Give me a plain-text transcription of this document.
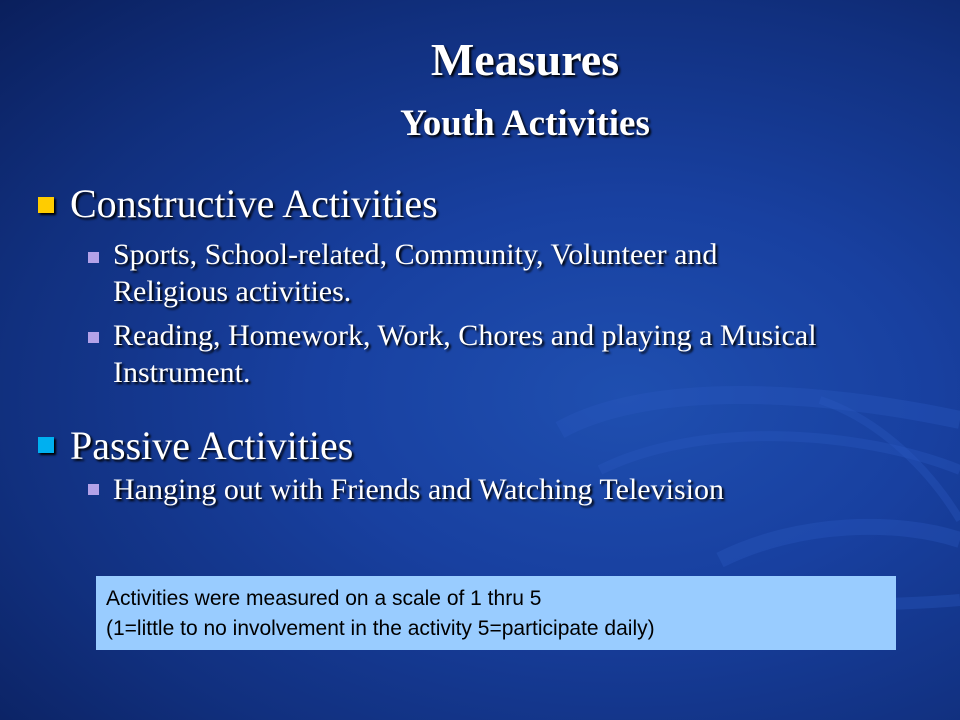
Measures
Youth Activities
Constructive Activities
Sports, School-related, Community, Volunteer and
Religious activities.
Reading, Homework, Work, Chores and playing a Musical
Instrument.
Passive Activities
Hanging out with Friends and Watching Television
Activities were measured on a scale of 1 thru 5
(1=little to no involvement in the activity 5=participate daily)
